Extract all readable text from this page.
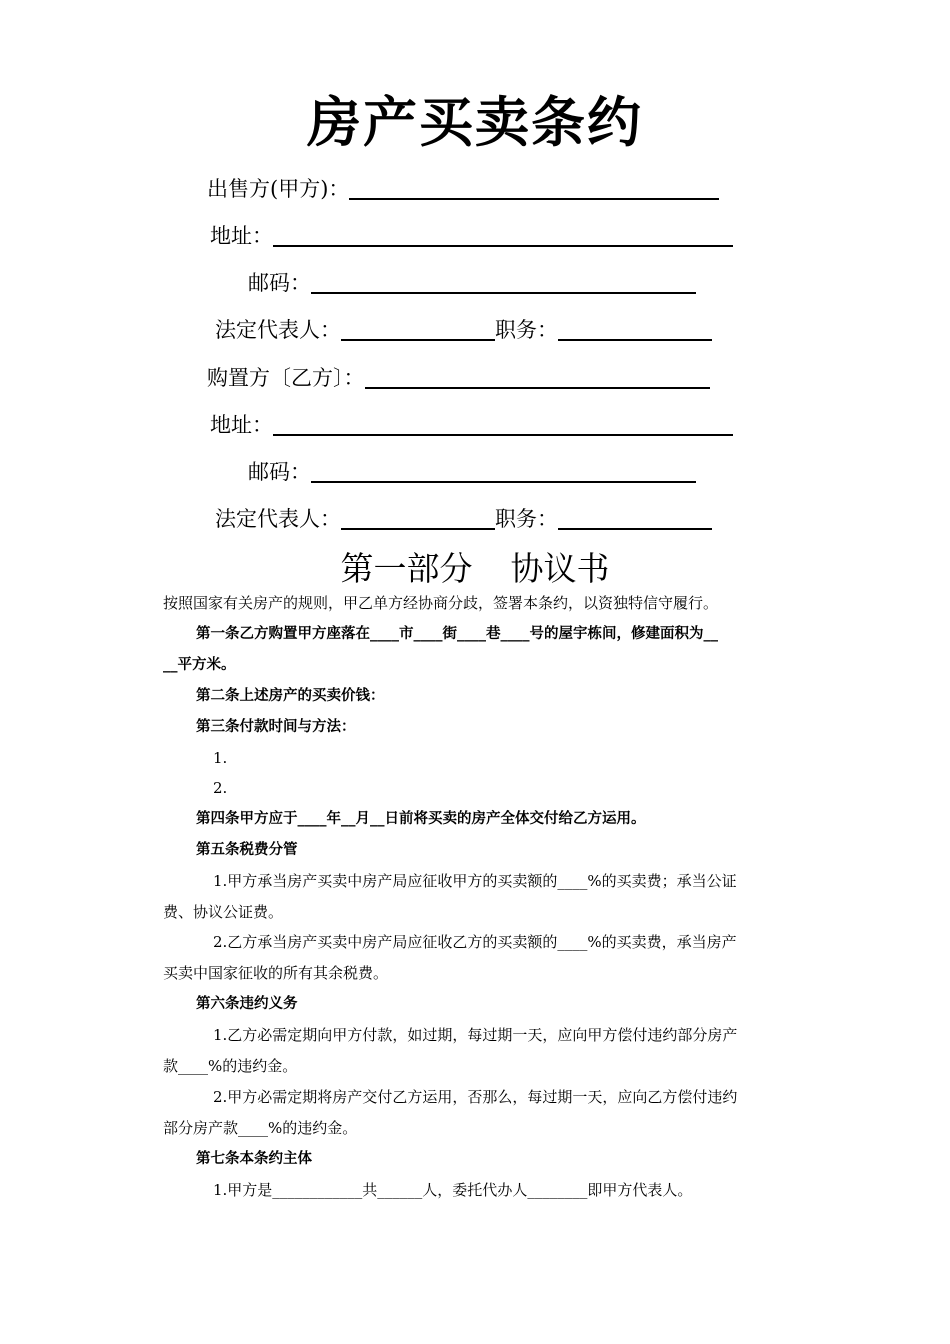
房产买卖条约
出售方(甲方)：
地址：
邮码：
法定代表人：	职务：
购置方〔乙方〕：
地址：
邮码：
法定代表人：	职务：
第一部分 协议书
按照国家有关房产的规则，甲乙单方经协商分歧，签署本条约，以资独特信守履行。
第一条乙方购置甲方座落在____市____街____巷____号的屋宇栋间，修建面积为__
__平方米。
第二条上述房产的买卖价钱：
第三条付款时间与方法：
1.
2.
第四条甲方应于____年__月__日前将买卖的房产全体交付给乙方运用。
第五条税费分管
1.甲方承当房产买卖中房产局应征收甲方的买卖额的____%的买卖费；承当公证
费、协议公证费。
2.乙方承当房产买卖中房产局应征收乙方的买卖额的____%的买卖费，承当房产
买卖中国家征收的所有其余税费。
第六条违约义务
1.乙方必需定期向甲方付款，如过期，每过期一天，应向甲方偿付违约部分房产
款____%的违约金。
2.甲方必需定期将房产交付乙方运用，否那么，每过期一天，应向乙方偿付违约
部分房产款____%的违约金。
第七条本条约主体
1.甲方是____________共______人，委托代办人________即甲方代表人。
